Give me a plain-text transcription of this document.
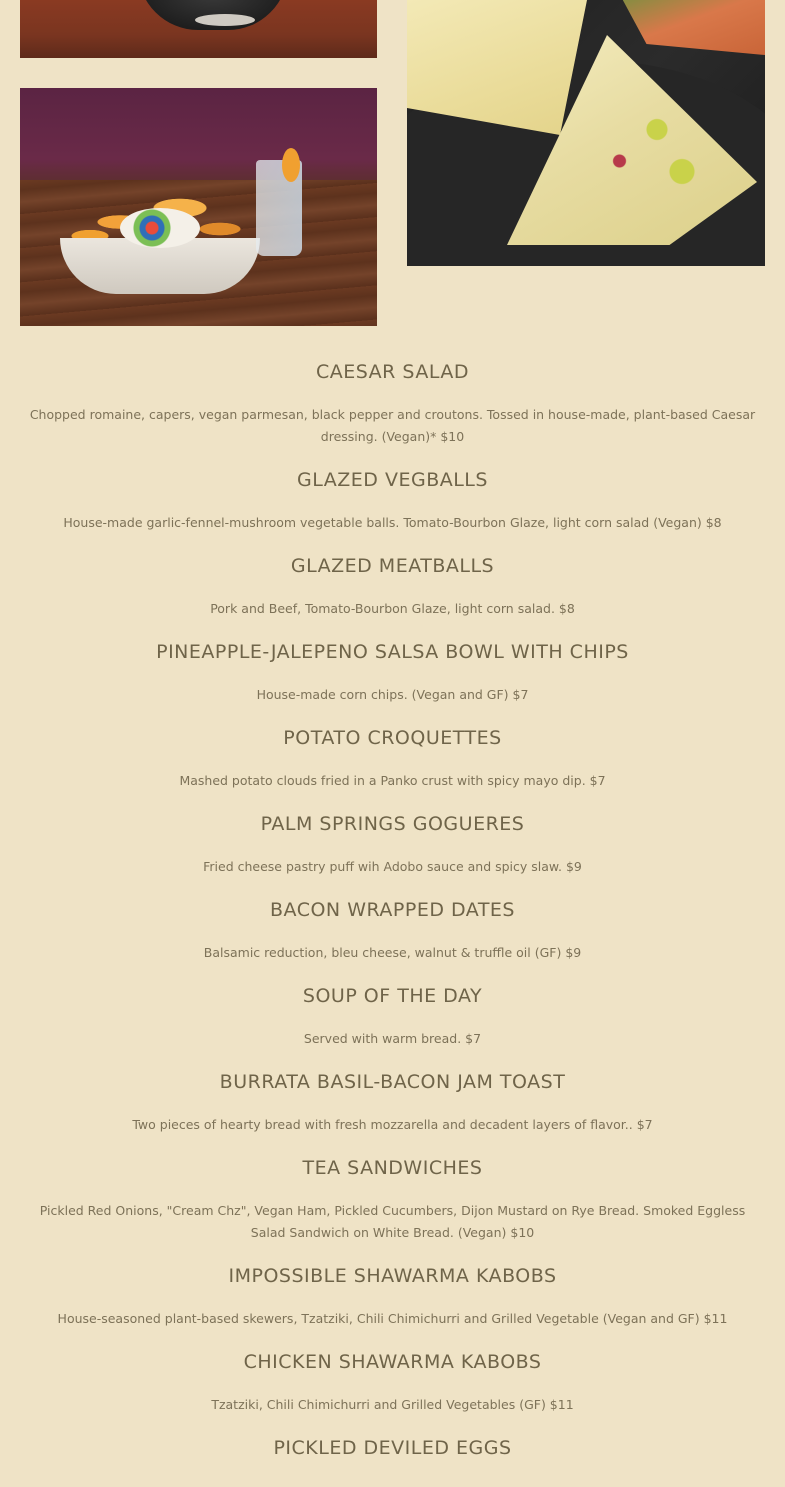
CAESAR SALAD

Chopped romaine, capers, vegan parmesan, black pepper and croutons. Tossed in house-made, plant-based Caesar dressing. (Vegan)* $10

GLAZED VEGBALLS

House-made garlic-fennel-mushroom vegetable balls. Tomato-Bourbon Glaze, light corn salad (Vegan) $8

GLAZED MEATBALLS

Pork and Beef, Tomato-Bourbon Glaze, light corn salad. $8

PINEAPPLE-JALEPENO SALSA BOWL WITH CHIPS

House-made corn chips. (Vegan and GF) $7

POTATO CROQUETTES

Mashed potato clouds fried in a Panko crust with spicy mayo dip. $7

PALM SPRINGS GOGUERES

Fried cheese pastry puff wih Adobo sauce and spicy slaw. $9

BACON WRAPPED DATES

Balsamic reduction, bleu cheese, walnut & truffle oil (GF) $9

SOUP OF THE DAY

Served with warm bread. $7

BURRATA BASIL-BACON JAM TOAST

Two pieces of hearty bread with fresh mozzarella and decadent layers of flavor.. $7

TEA SANDWICHES

Pickled Red Onions, "Cream Chz", Vegan Ham, Pickled Cucumbers, Dijon Mustard on Rye Bread. Smoked Eggless Salad Sandwich on White Bread. (Vegan) $10

IMPOSSIBLE SHAWARMA KABOBS

House-seasoned plant-based skewers, Tzatziki, Chili Chimichurri and Grilled Vegetable (Vegan and GF) $11

CHICKEN SHAWARMA KABOBS

Tzatziki, Chili Chimichurri and Grilled Vegetables (GF) $11

PICKLED DEVILED EGGS
